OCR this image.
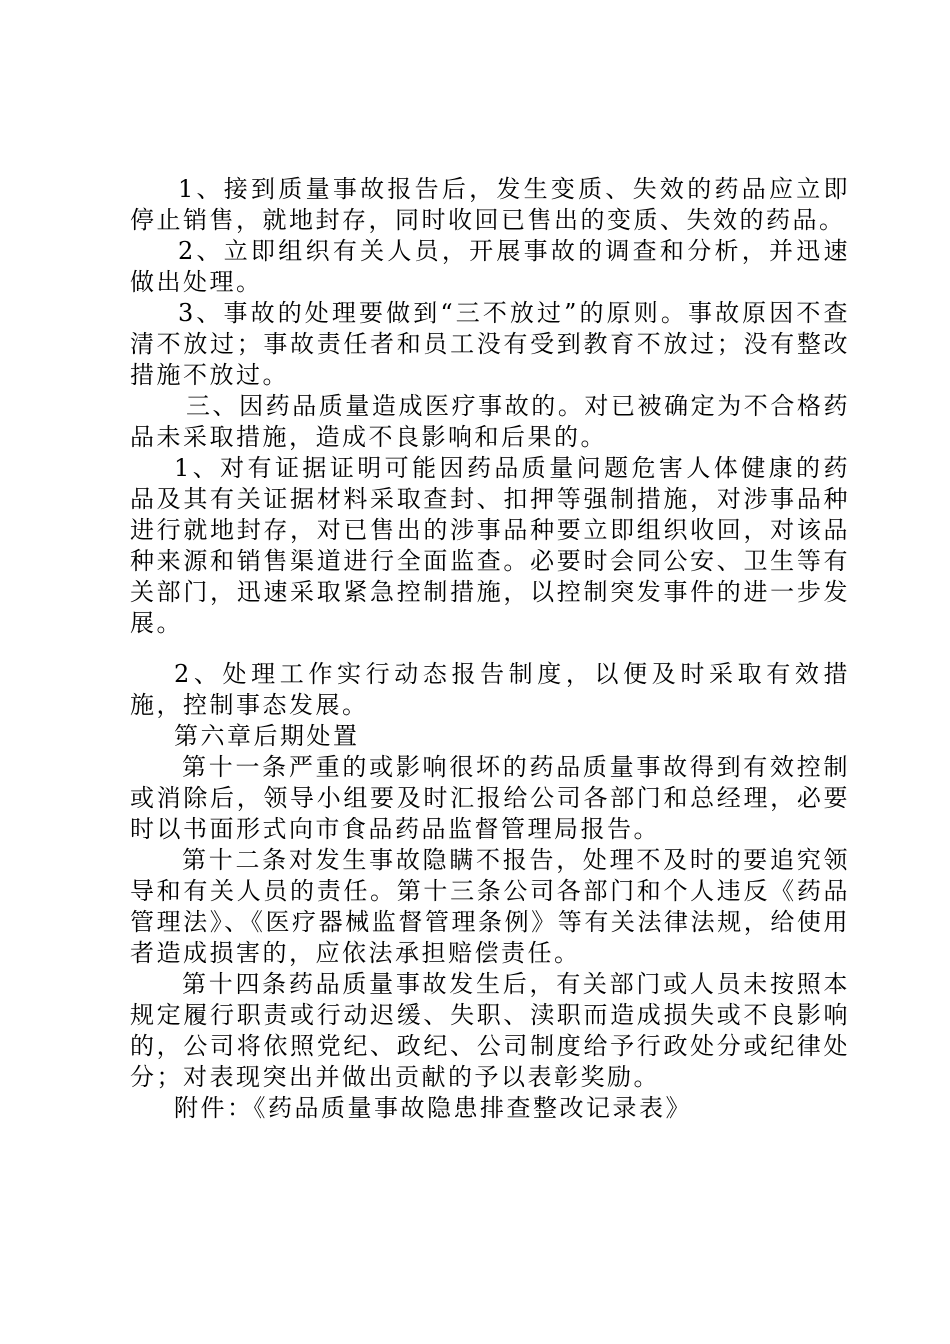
1、接到质量事故报告后，发生变质、失效的药品应立即停止销售，就地封存，同时收回已售出的变质、失效的药品。

2、立即组织有关人员，开展事故的调查和分析，并迅速做出处理。

3、事故的处理要做到“三不放过”的原则。事故原因不查清不放过；事故责任者和员工没有受到教育不放过；没有整改措施不放过。

三、因药品质量造成医疗事故的。对已被确定为不合格药品未采取措施，造成不良影响和后果的。

1、对有证据证明可能因药品质量问题危害人体健康的药品及其有关证据材料采取查封、扣押等强制措施，对涉事品种进行就地封存，对已售出的涉事品种要立即组织收回，对该品种来源和销售渠道进行全面监查。必要时会同公安、卫生等有关部门，迅速采取紧急控制措施，以控制突发事件的进一步发展。

2、处理工作实行动态报告制度，以便及时采取有效措施，控制事态发展。

第六章后期处置

第十一条严重的或影响很坏的药品质量事故得到有效控制或消除后，领导小组要及时汇报给公司各部门和总经理，必要时以书面形式向市食品药品监督管理局报告。

第十二条对发生事故隐瞒不报告，处理不及时的要追究领导和有关人员的责任。第十三条公司各部门和个人违反《药品管理法》、《医疗器械监督管理条例》等有关法律法规，给使用者造成损害的，应依法承担赔偿责任。

第十四条药品质量事故发生后，有关部门或人员未按照本规定履行职责或行动迟缓、失职、渎职而造成损失或不良影响的，公司将依照党纪、政纪、公司制度给予行政处分或纪律处分；对表现突出并做出贡献的予以表彰奖励。

附件：《药品质量事故隐患排查整改记录表》
